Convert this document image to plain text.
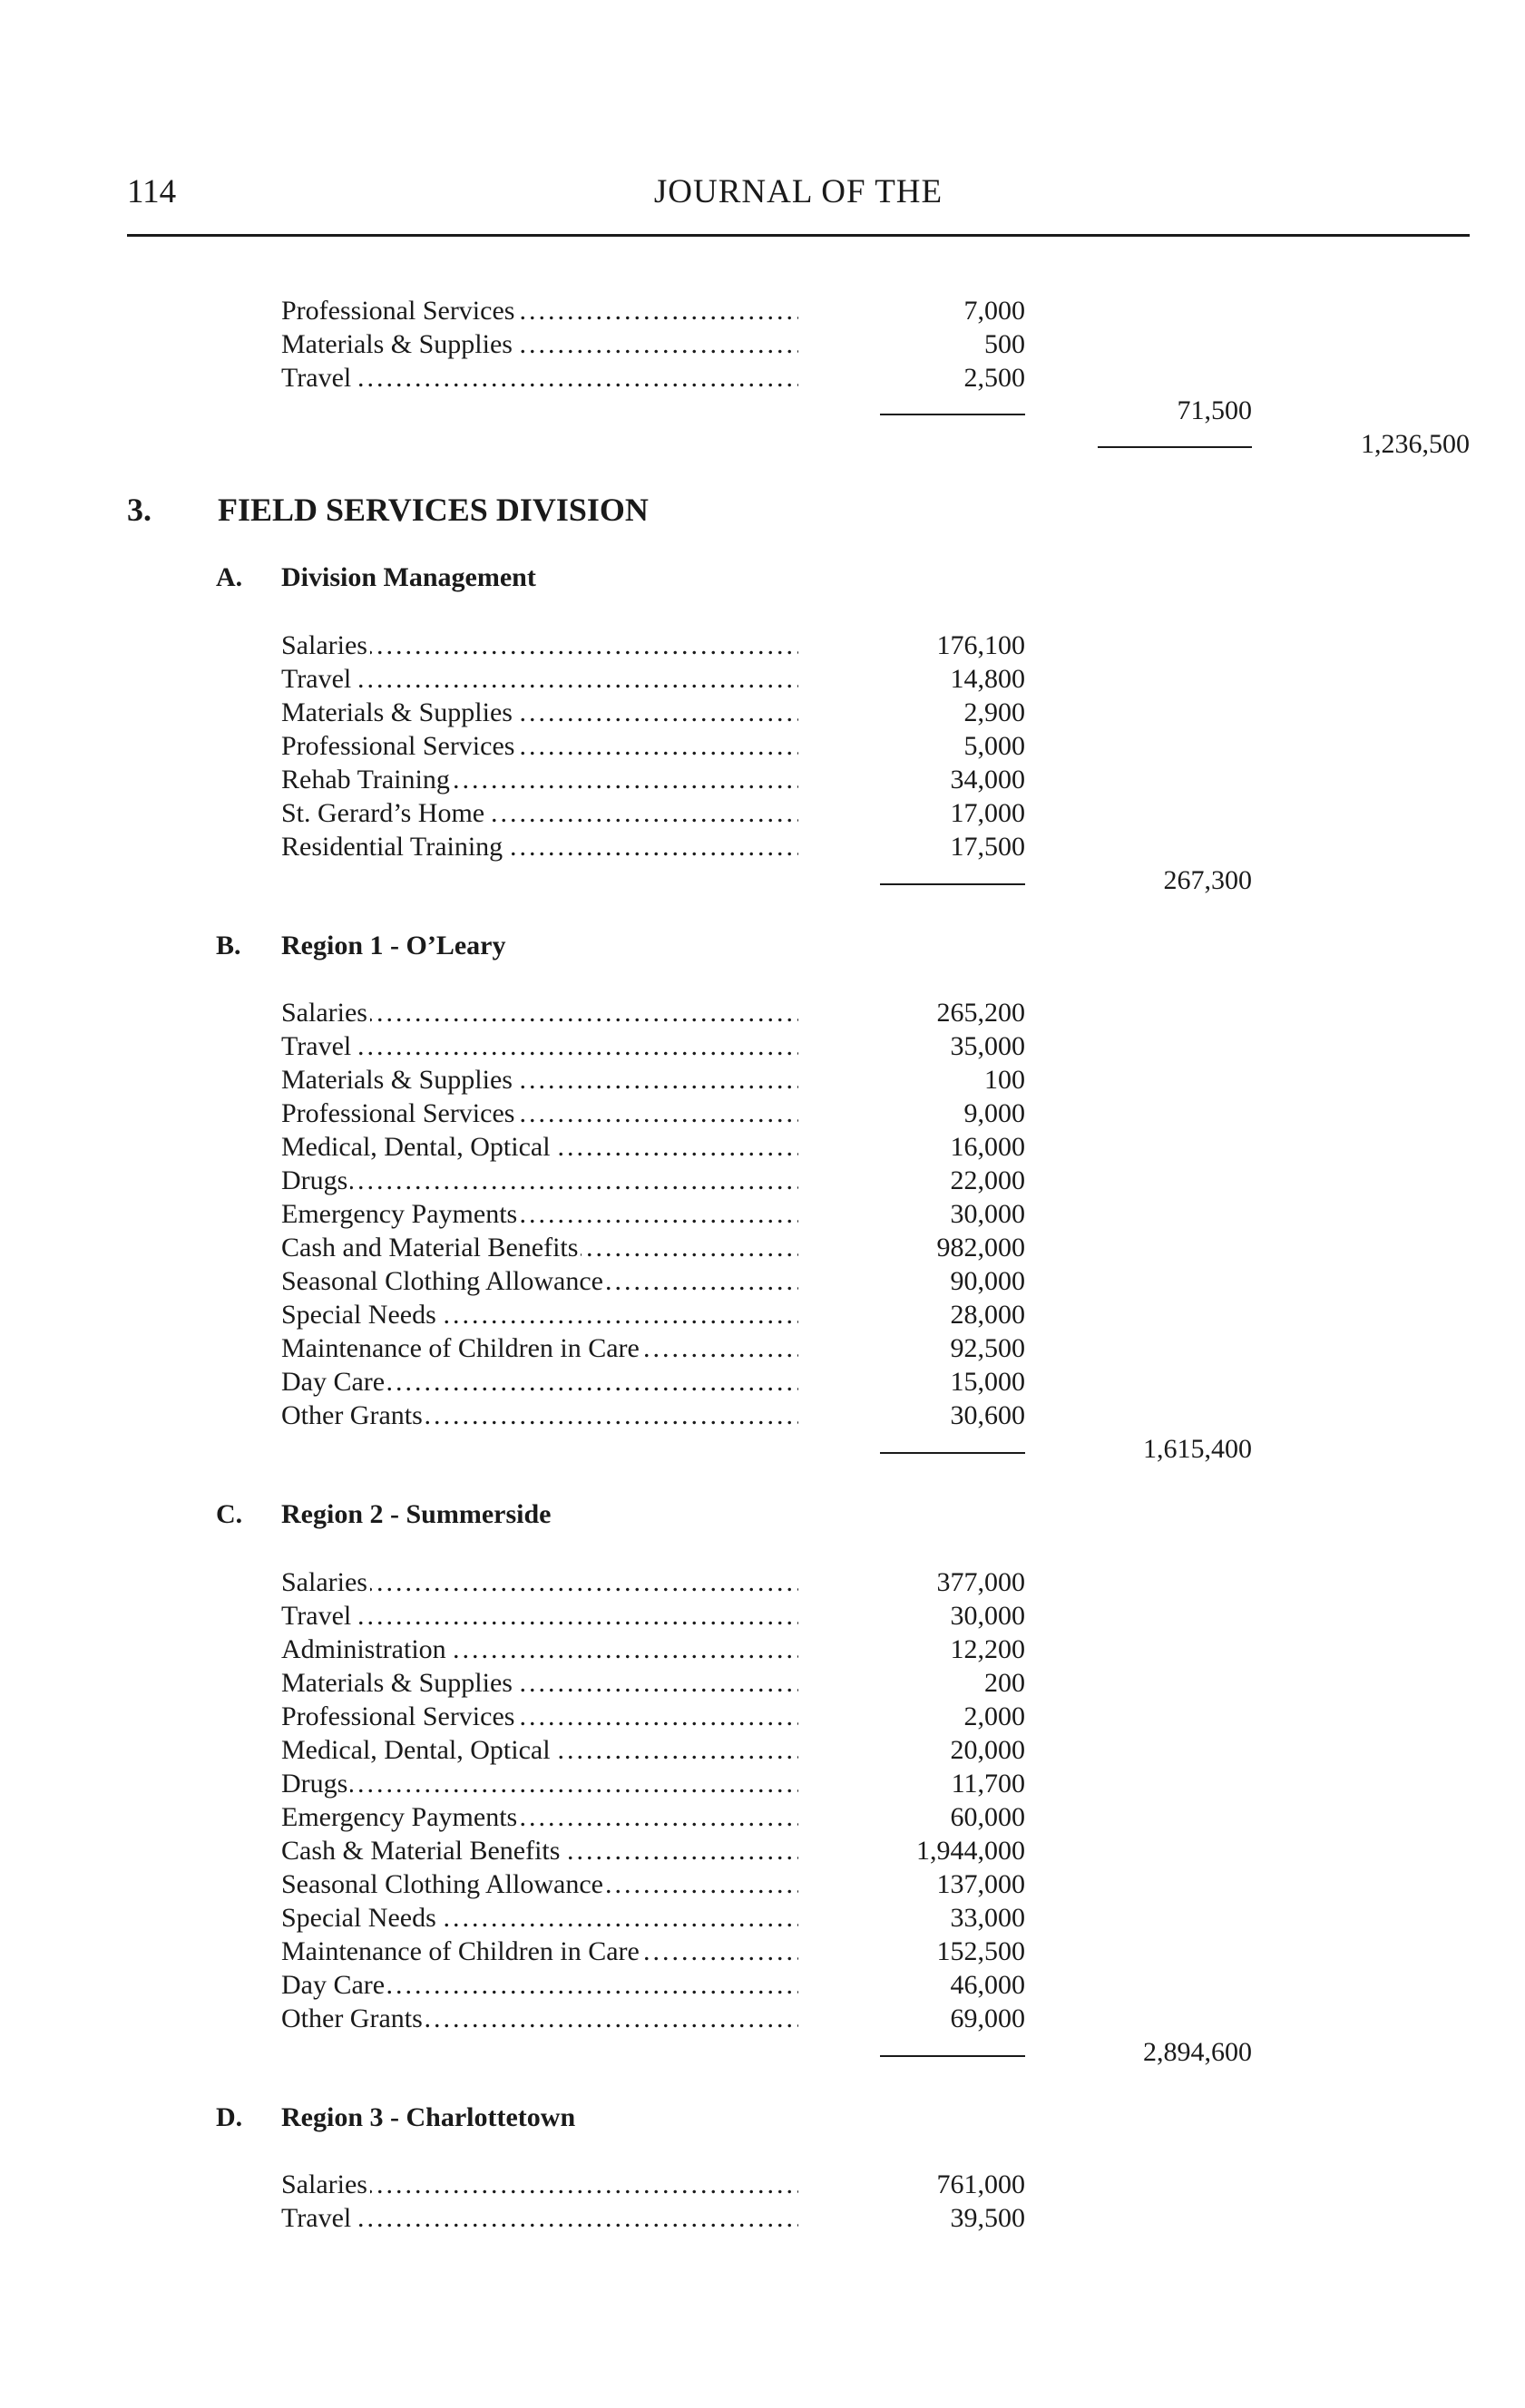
114	JOURNAL OF THE
Professional Services .....	7,000
Materials & Supplies .....	500
Travel .....	2,500
71,500
1,236,500
3. FIELD SERVICES DIVISION
A. Division Management
Salaries .....	176,100
Travel .....	14,800
Materials & Supplies .....	2,900
Professional Services .....	5,000
Rehab Training .....	34,000
St. Gerard’s Home .....	17,000
Residential Training .....	17,500
267,300
B. Region 1 - O’Leary
Salaries .....	265,200
Travel .....	35,000
Materials & Supplies .....	100
Professional Services .....	9,000
Medical, Dental, Optical .....	16,000
Drugs .....	22,000
Emergency Payments .....	30,000
Cash and Material Benefits .....	982,000
Seasonal Clothing Allowance .....	90,000
Special Needs .....	28,000
Maintenance of Children in Care .....	92,500
Day Care .....	15,000
Other Grants .....	30,600
1,615,400
C. Region 2 - Summerside
Salaries .....	377,000
Travel .....	30,000
Administration .....	12,200
Materials & Supplies .....	200
Professional Services .....	2,000
Medical, Dental, Optical .....	20,000
Drugs .....	11,700
Emergency Payments .....	60,000
Cash & Material Benefits .....	1,944,000
Seasonal Clothing Allowance .....	137,000
Special Needs .....	33,000
Maintenance of Children in Care .....	152,500
Day Care .....	46,000
Other Grants .....	69,000
2,894,600
D. Region 3 - Charlottetown
Salaries .....	761,000
Travel .....	39,500
